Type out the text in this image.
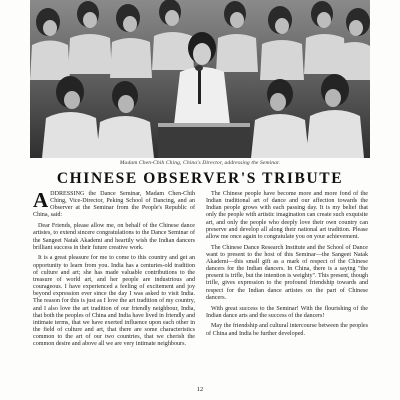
Madam Chen-Chih Ching, China's Director, addressing the Seminar.
CHINESE OBSERVER'S TRIBUTE

ADDRESSING the Dance Seminar, Madam Chen-Chih Ching, Vice-Director, Peking School of Dancing, and an Observer at the Seminar from the People's Republic of China, said:

Dear Friends, please allow me, on behalf of the Chinese dance artistes, to extend sincere congratulations to the Dance Seminar of the Sangeet Natak Akademi and heartily wish the Indian dancers brilliant success in their future creative work.

It is a great pleasure for me to come to this country and get an opportunity to learn from you. India has a centuries-old tradition of culture and art; she has made valuable contributions to the treasure of world art, and her people are industrious and courageous. I have experienced a feeling of excitement and joy beyond expression ever since the day I was asked to visit India. The reason for this is just as I love the art tradition of my country, and I also love the art tradition of our friendly neighbour, India, that both the peoples of China and India have lived in friendly and intimate terms, that we have exerted influence upon each other in the field of culture and art, that there are some characteristics common to the art of our two countries, that we cherish the common desire and above all we are very intimate neighbours.

The Chinese people have become more and more fond of the Indian traditional art of dance and our affection towards the Indian people grows with each passing day. It is my belief that only the people with artistic imagination can create such exquisite art, and only the people who deeply love their own country can preserve and develop all along their national art tradition. Please allow me once again to congratulate you on your achievement.

The Chinese Dance Research Institute and the School of Dance want to present to the host of this Seminar—the Sangeet Natak Akademi—this small gift as a mark of respect of the Chinese dancers for the Indian dancers. In China, there is a saying "the present is trifle, but the intention is weighty". This present, though trifle, gives expression to the profound friendship towards and respect for the Indian dance artistes on the part of Chinese dancers.

With great success to the Seminar! With the flourishing of the Indian dance arts and the success of the dancers!

May the friendship and cultural intercourse between the peoples of China and India be further developed.

12
